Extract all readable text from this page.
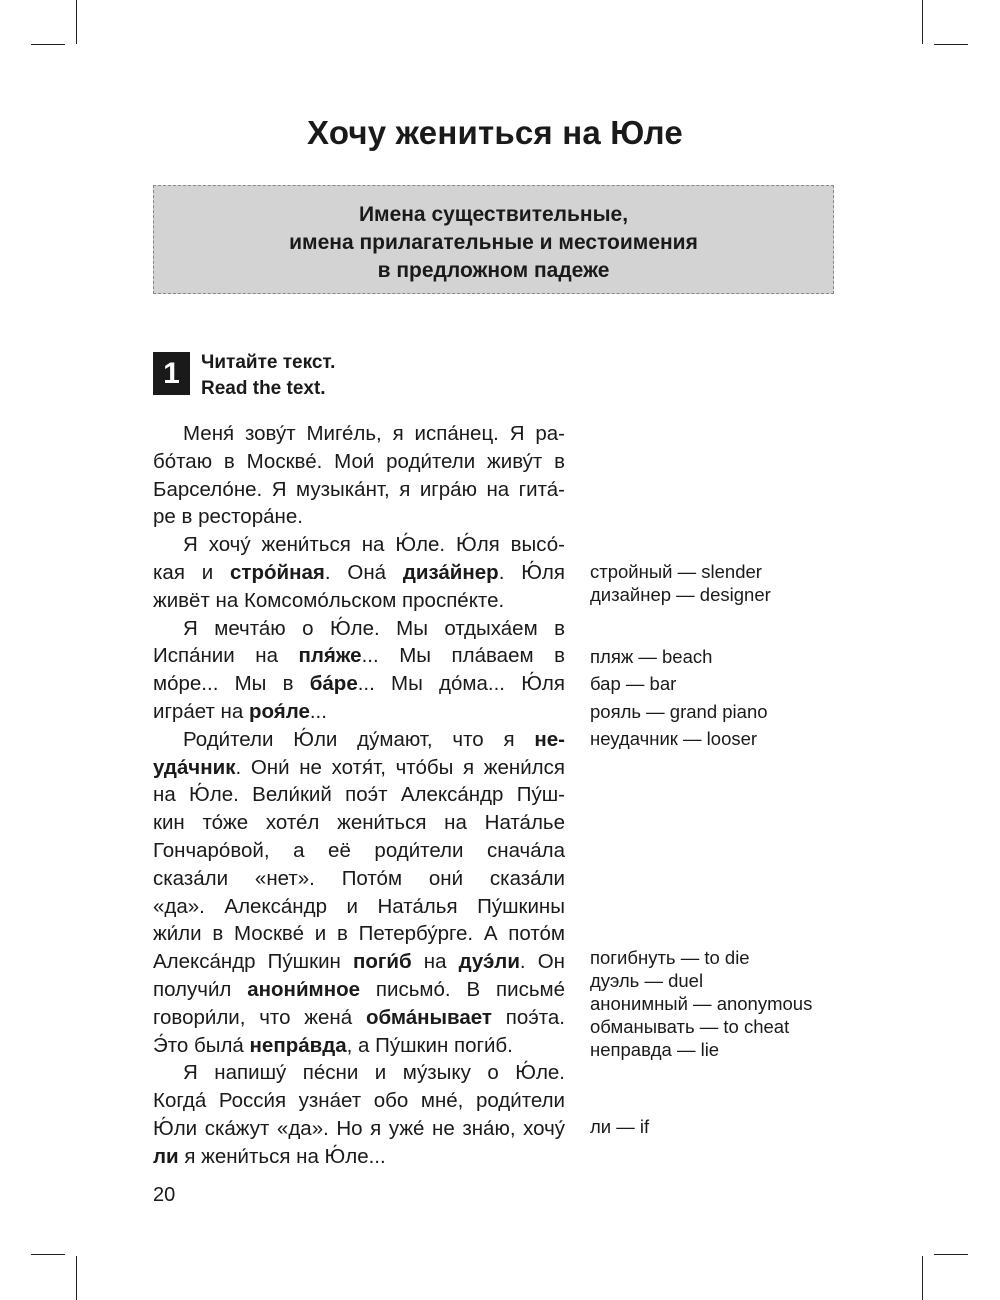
Хочу жениться на Юле
Имена существительные,
имена прилагательные и местоимения
в предложном падеже
1	Читайте текст.
Read the text.
Меня́ зову́т Миге́ль, я испа́нец. Я ра-
бо́таю в Москве́. Мои́ роди́тели живу́т в
Барсело́не. Я музыка́нт, я игра́ю на гита́-
ре в рестора́не.
Я хочу́ жени́ться на Ю́ле. Ю́ля высо́-
кая и стро́йная. Она́ диза́йнер. Ю́ля
живёт на Комсомо́льском проспе́кте.
Я мечта́ю о Ю́ле. Мы отдыха́ем в
Испа́нии на пля́же... Мы пла́ваем в
мо́ре... Мы в ба́ре... Мы до́ма... Ю́ля
игра́ет на роя́ле...
Роди́тели Ю́ли ду́мают, что я не-
уда́чник. Они́ не хотя́т, что́бы я жени́лся
на Ю́ле. Вели́кий поэ́т Алекса́ндр Пу́ш-
кин то́же хоте́л жени́ться на Ната́лье
Гончаро́вой, а её роди́тели снача́ла
сказа́ли «нет». Пото́м они́ сказа́ли
«да». Алекса́ндр и Ната́лья Пу́шкины
жи́ли в Москве́ и в Петербу́рге. А пото́м
Алекса́ндр Пу́шкин поги́б на дуэ́ли. Он
получи́л анони́мное письмо́. В письме́
говори́ли, что жена́ обма́нывает поэ́та.
Э́то была́ непра́вда, а Пу́шкин поги́б.
Я напишу́ пе́сни и му́зыку о Ю́ле.
Когда́ Росси́я узна́ет обо мне́, роди́тели
Ю́ли ска́жут «да». Но я уже́ не зна́ю, хочу́
ли я жени́ться на Ю́ле...
стройный — slender
дизайнер — designer
пляж — beach
бар — bar
рояль — grand piano
неудачник — looser
погибнуть — to die
дуэль — duel
анонимный — anonymous
обманывать — to cheat
неправда — lie
ли — if
20
